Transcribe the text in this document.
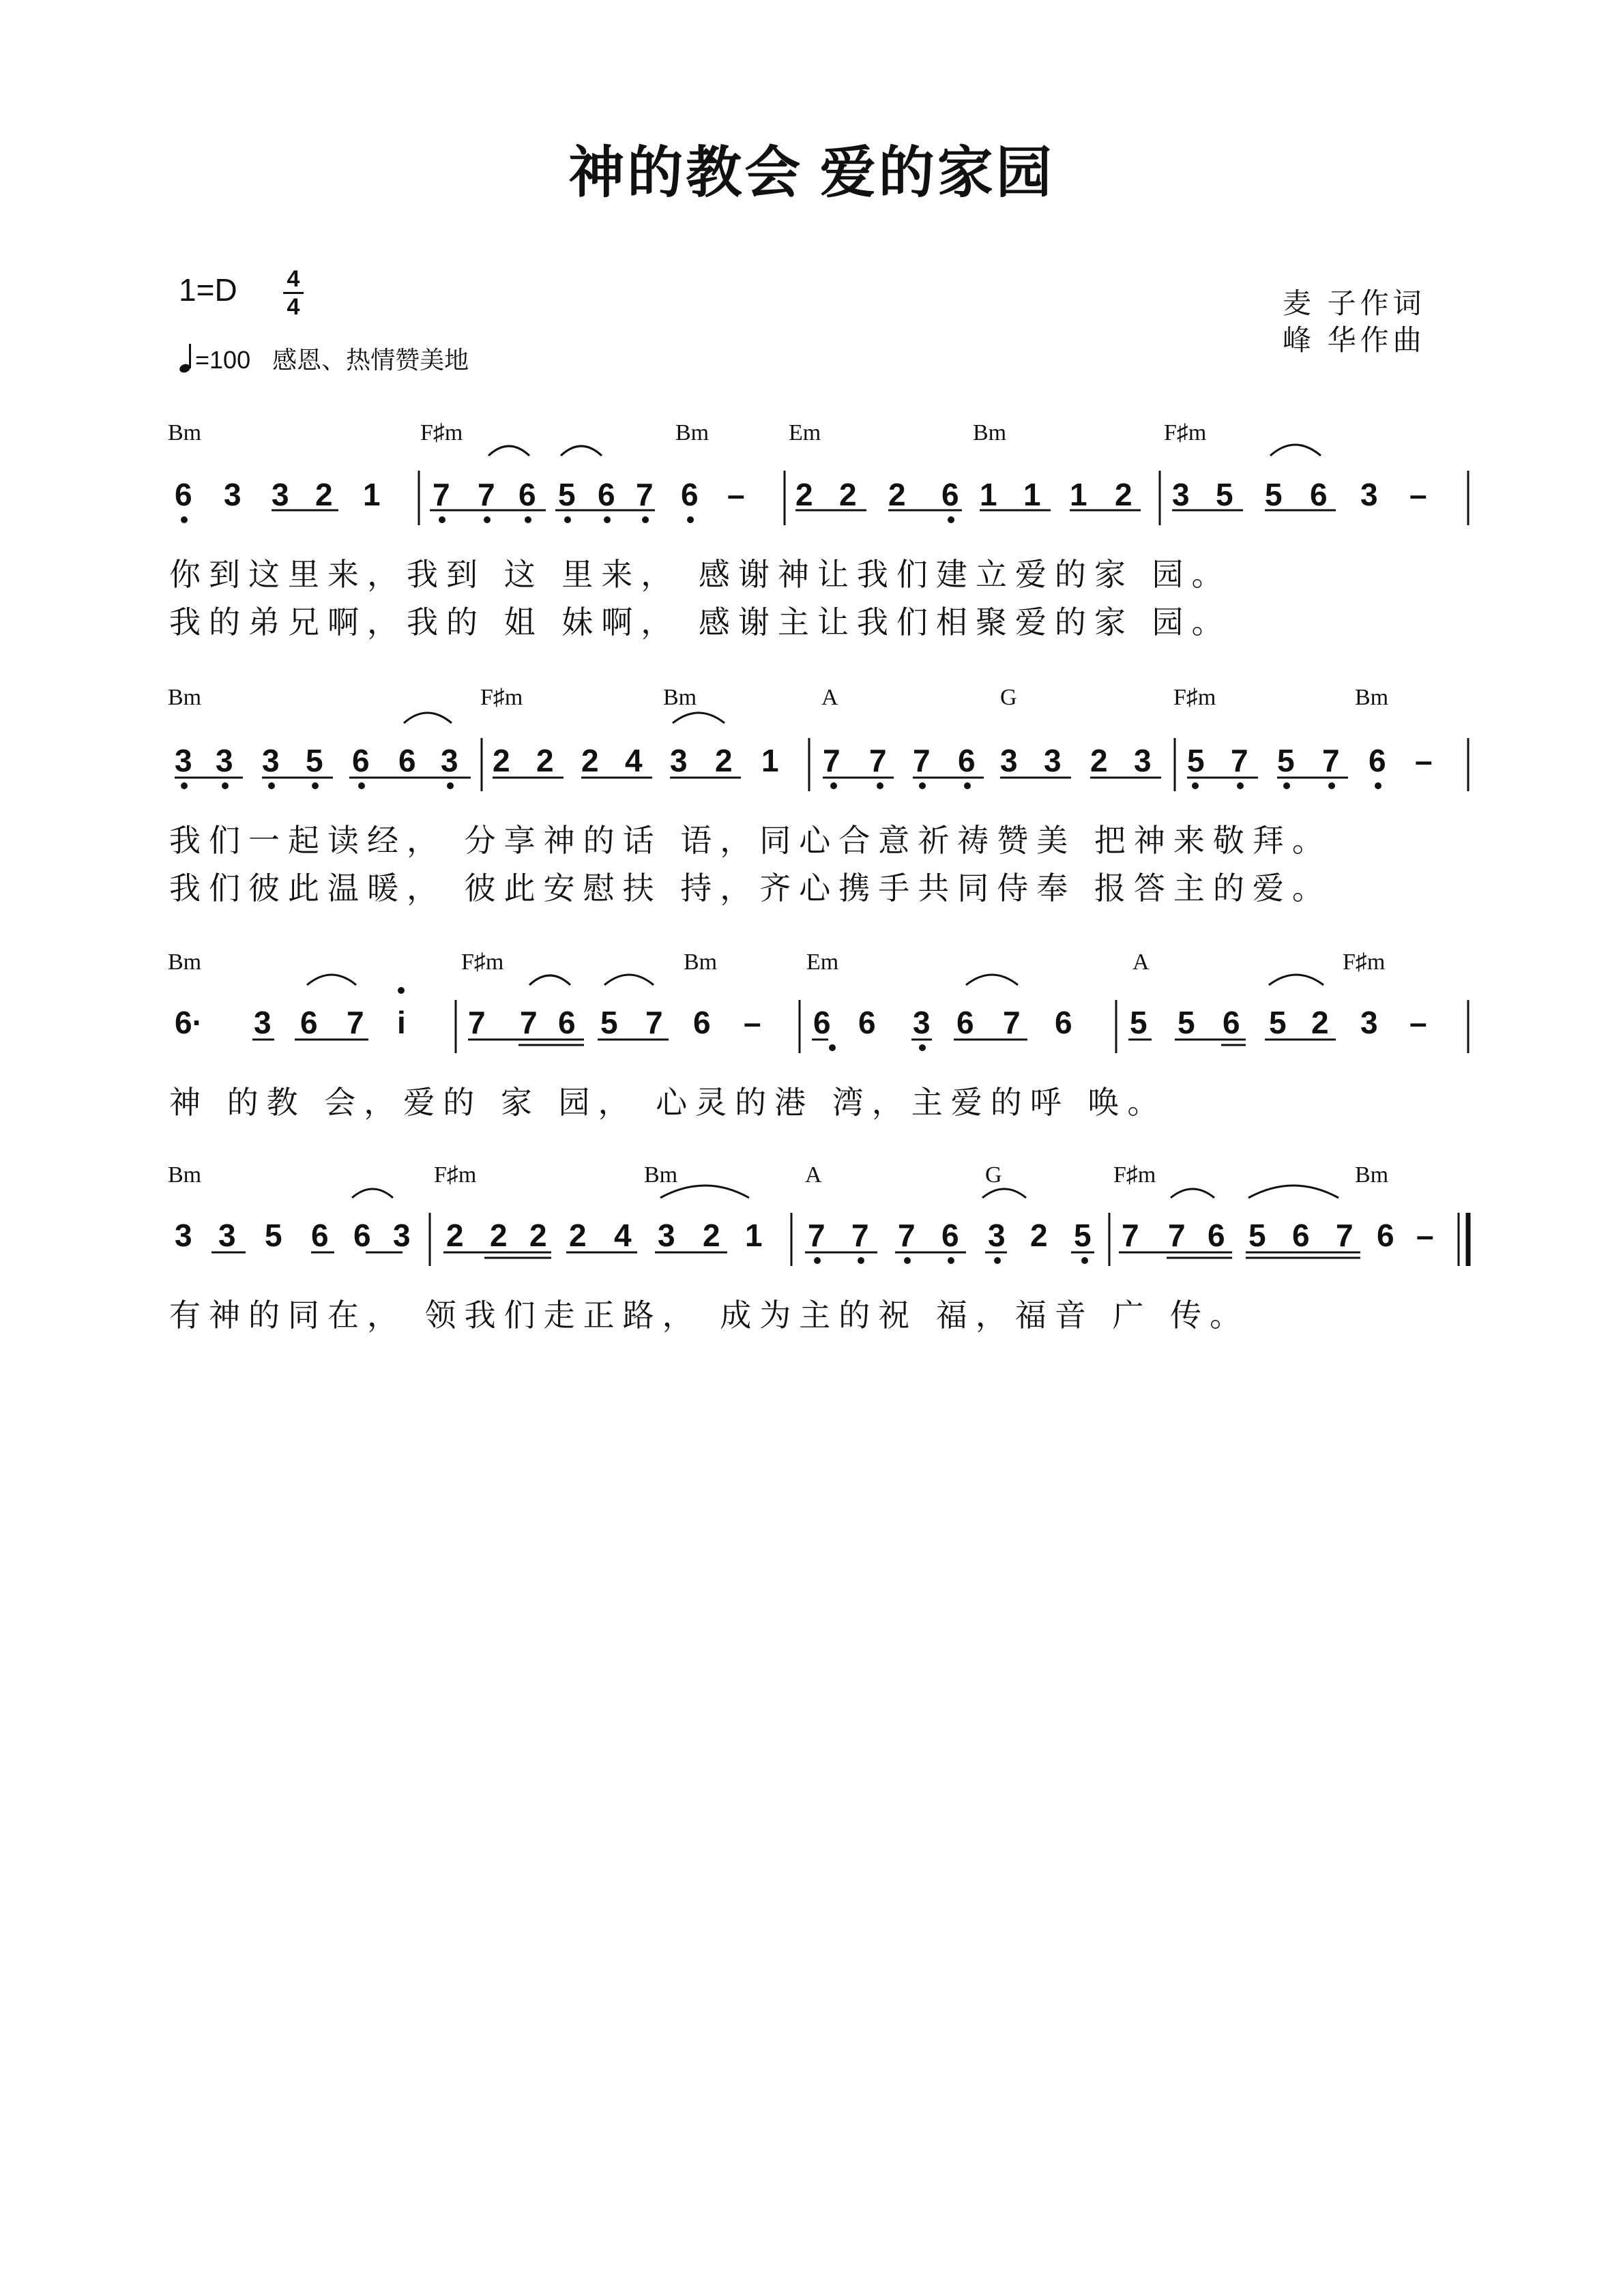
神的教会 爱的家园
1=D 4
4
=100 感恩、热情赞美地
麦 子作词
峰 华作曲
Bm	F♯m	Bm	Em	Bm	F♯m
6 3 3 2 1 7 7 6 5 6 7 6 – 2 2 2 6 1 1 1 2 3 5 5 6 3 –
你到这里来，我到 这 里来， 感谢神让我们建立爱的家 园。
我的弟兄啊，我的 姐 妹啊， 感谢主让我们相聚爱的家 园。
Bm	F♯m	Bm	A	G	F♯m	Bm
3 3 3 5 6 6 3 2 2 2 4 3 2 1 7 7 7 6 3 3 2 3 5 7 5 7 6 –
我们一起读经， 分享神的话 语，同心合意祈祷赞美 把神来敬拜。
我们彼此温暖， 彼此安慰扶 持，齐心携手共同侍奉 报答主的爱。
Bm	F♯m	Bm	Em	A	F♯m
6· 3 6 7 i 7 7 6 5 7 6 – 6 6 3 6 7 6 5 5 6 5 2 3 –
神 的教 会，爱的 家 园， 心灵的港 湾，主爱的呼 唤。
Bm	F♯m	Bm	A	G	F♯m	Bm
3 3 5 6 6 3 2 2 2 2 4 3 2 1 7 7 7 6 3 2 5 7 7 6 5 6 7 6 –
有神的同在， 领我们走正路， 成为主的祝 福，福音 广 传。
